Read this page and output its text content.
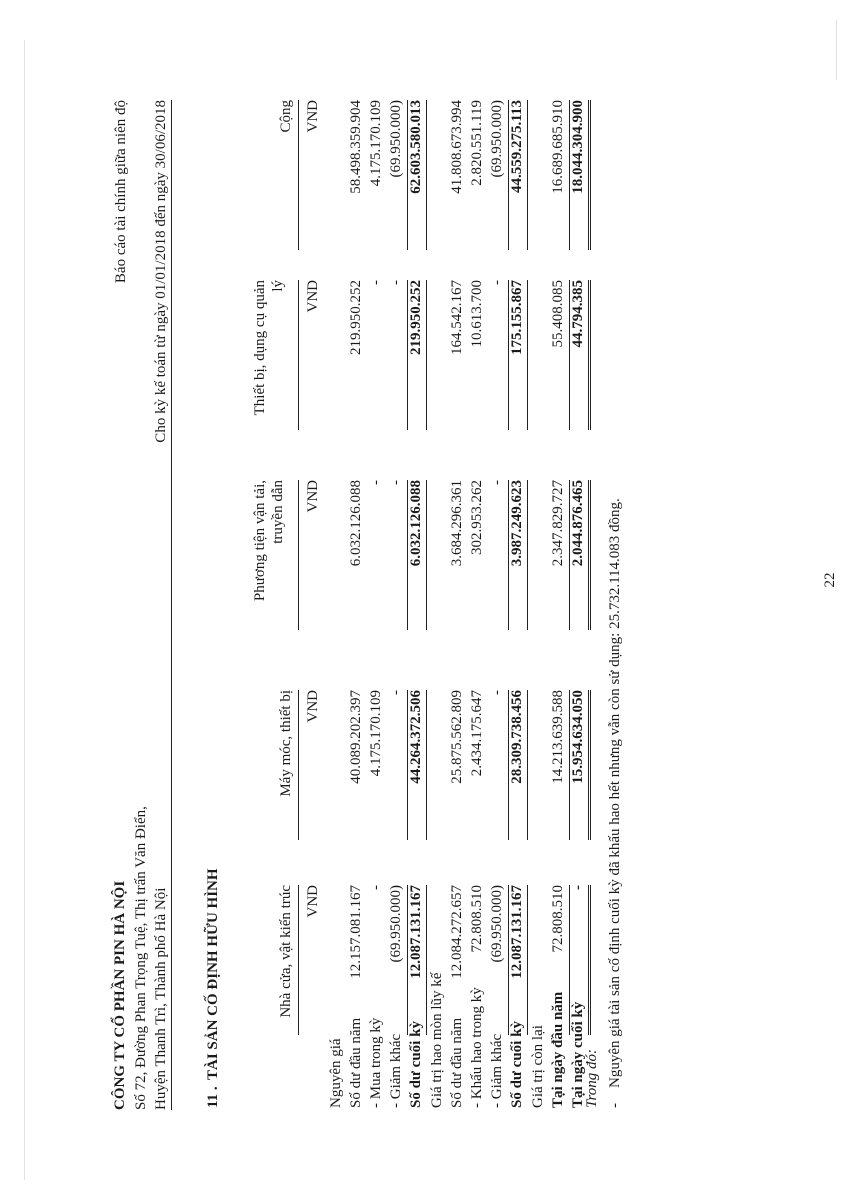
CÔNG TY CỔ PHẦN PIN HÀ NỘI Số 72, Đường Phan Trọng Tuệ, Thị trấn Văn Điển, Huyện Thanh Trì, Thành phố Hà Nội
Báo cáo tài chính giữa niên độ Cho kỳ kế toán từ ngày 01/01/2018 đến ngày 30/06/2018
11 .
TÀI SẢN CỐ ĐỊNH HỮU HÌNH	Nhà cửa, vật kiến trúc VND
Máy móc, thiết bị VND
Phương tiện vận tải, truyền dẫn VND
Thiết bị, dụng cụ quản lý VND
Cộng VND
Nguyên giá Số dư đầu năm
12.157.081.167
40.089.202.397
6.032.126.088
219.950.252
58.498.359.904
- Mua trong kỳ
-
4.175.170.109
-
-
4.175.170.109
- Giảm khác
(69.950.000)
-
-
-
(69.950.000)
Số dư cuối kỳ
12.087.131.167
44.264.372.506
6.032.126.088
219.950.252
62.603.580.013
Giá trị hao mòn lũy kế Số dư đầu năm
12.084.272.657
25.875.562.809
3.684.296.361
164.542.167
41.808.673.994
- Khấu hao trong kỳ
72.808.510
2.434.175.647
302.953.262
10.613.700
2.820.551.119
- Giảm khác
(69.950.000)
-
-
-
(69.950.000)
Số dư cuối kỳ
12.087.131.167
28.309.738.456
3.987.249.623
175.155.867
44.559.275.113
Giá trị còn lại Tại ngày đầu năm
72.808.510
14.213.639.588
2.347.829.727
55.408.085
16.689.685.910
Tại ngày cuối kỳ
-
15.954.634.050
2.044.876.465
44.794.385
18.044.304.900
Trong đó: -
Nguyên giá tài sản cố định cuối kỳ đã khấu hao hết nhưng vẫn còn sử dụng: 25.732.114.083 đồng.	22
